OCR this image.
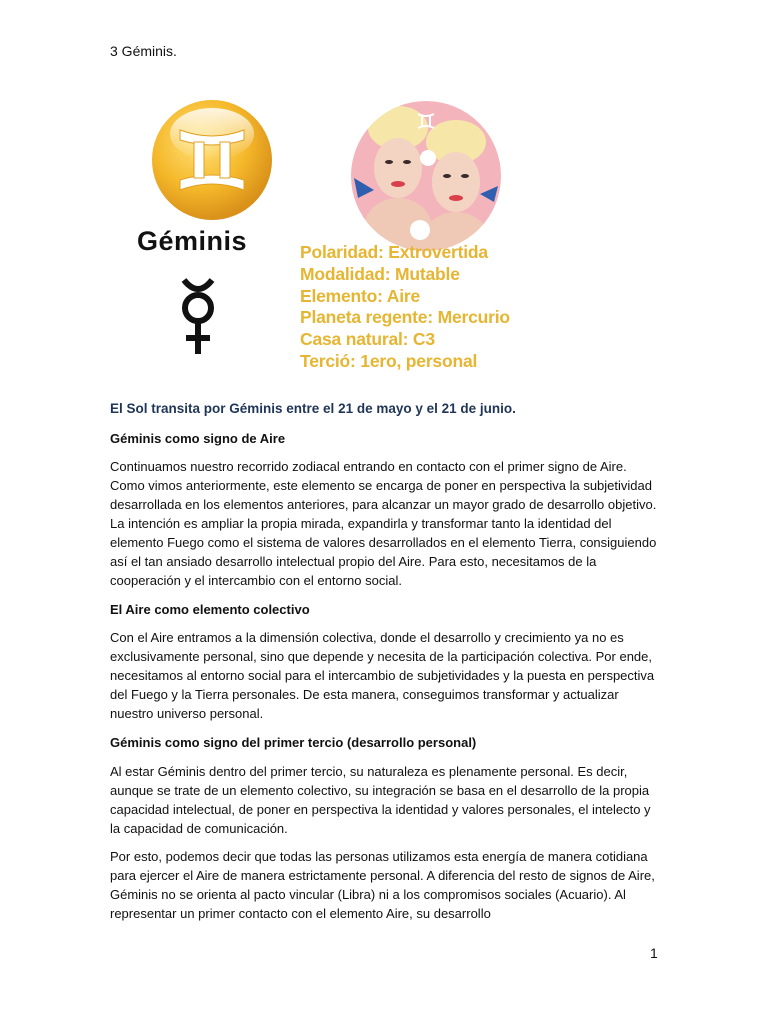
3 Géminis.
Géminis	Polaridad: Extrovertida
Modalidad: Mutable
Elemento: Aire
Planeta regente: Mercurio
Casa natural: C3
Terció: 1ero, personal

El Sol transita por Géminis entre el 21 de mayo y el 21 de junio.

Géminis como signo de Aire

Continuamos nuestro recorrido zodiacal entrando en contacto con el primer signo de Aire. Como vimos anteriormente, este elemento se encarga de poner en perspectiva la subjetividad desarrollada en los elementos anteriores, para alcanzar un mayor grado de desarrollo objetivo. La intención es ampliar la propia mirada, expandirla y transformar tanto la identidad del elemento Fuego como el sistema de valores desarrollados en el elemento Tierra, consiguiendo así el tan ansiado desarrollo intelectual propio del Aire. Para esto, necesitamos de la cooperación y el intercambio con el entorno social.

El Aire como elemento colectivo

Con el Aire entramos a la dimensión colectiva, donde el desarrollo y crecimiento ya no es exclusivamente personal, sino que depende y necesita de la participación colectiva. Por ende, necesitamos al entorno social para el intercambio de subjetividades y la puesta en perspectiva del Fuego y la Tierra personales. De esta manera, conseguimos transformar y actualizar nuestro universo personal.

Géminis como signo del primer tercio (desarrollo personal)

Al estar Géminis dentro del primer tercio, su naturaleza es plenamente personal. Es decir, aunque se trate de un elemento colectivo, su integración se basa en el desarrollo de la propia capacidad intelectual, de poner en perspectiva la identidad y valores personales, el intelecto y la capacidad de comunicación.

Por esto, podemos decir que todas las personas utilizamos esta energía de manera cotidiana para ejercer el Aire de manera estrictamente personal. A diferencia del resto de signos de Aire, Géminis no se orienta al pacto vincular (Libra) ni a los compromisos sociales (Acuario). Al representar un primer contacto con el elemento Aire, su desarrollo

1
